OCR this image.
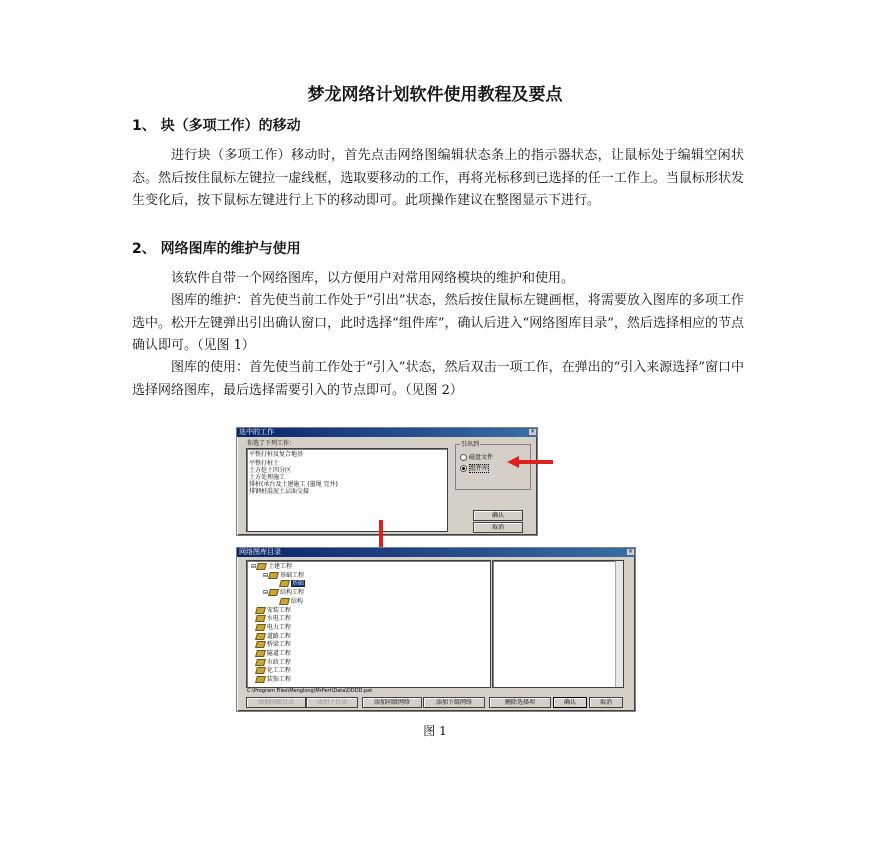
梦龙网络计划软件使用教程及要点
1、 块（多项工作）的移动
进行块（多项工作）移动时，首先点击网络图编辑状态条上的指示器状态，让鼠标处于编辑空闲状态。然后按住鼠标左键拉一虚线框，选取要移动的工作，再将光标移到已选择的任一工作上。当鼠标形状发生变化后，按下鼠标左键进行上下的移动即可。此项操作建议在整图显示下进行。
2、 网络图库的维护与使用
该软件自带一个网络图库，以方便用户对常用网络模块的维护和使用。
图库的维护：首先使当前工作处于“引出”状态，然后按住鼠标左键画框，将需要放入图库的多项工作选中。松开左键弹出引出确认窗口，此时选择“组件库”，确认后进入“网络图库目录”，然后选择相应的节点确认即可。（见图 1）
图库的使用：首先使当前工作处于“引入”状态，然后双击一项工作，在弹出的“引入来源选择”窗口中选择网络图库，最后选择需要引入的节点即可。（见图 2）
选中的工作	×
你选了下列工作：
平整打桩及复合地基
平整打桩土
土方挖土四分区
土方处理施工
排桩(承台及土建施工 (墨绳 完井)
排钢桩混泥土层面交接
引出到
磁盘文件
组件库
确认
取消
网络图库目录	×
⊟ 土建工程
⊟ 基础工程
基础
⊟ 结构工程
结构
安装工程
水电工程
电力工程
道路工程
桥梁工程
隧道工程
市政工程
化工工程
装饰工程
C:\Program Files\Menglong\MrPert\Data\DDDD.pat
添加同级目录	添加子目录	添加同级网络	添加下级网络	删除选择项	确认	取消
图 1
